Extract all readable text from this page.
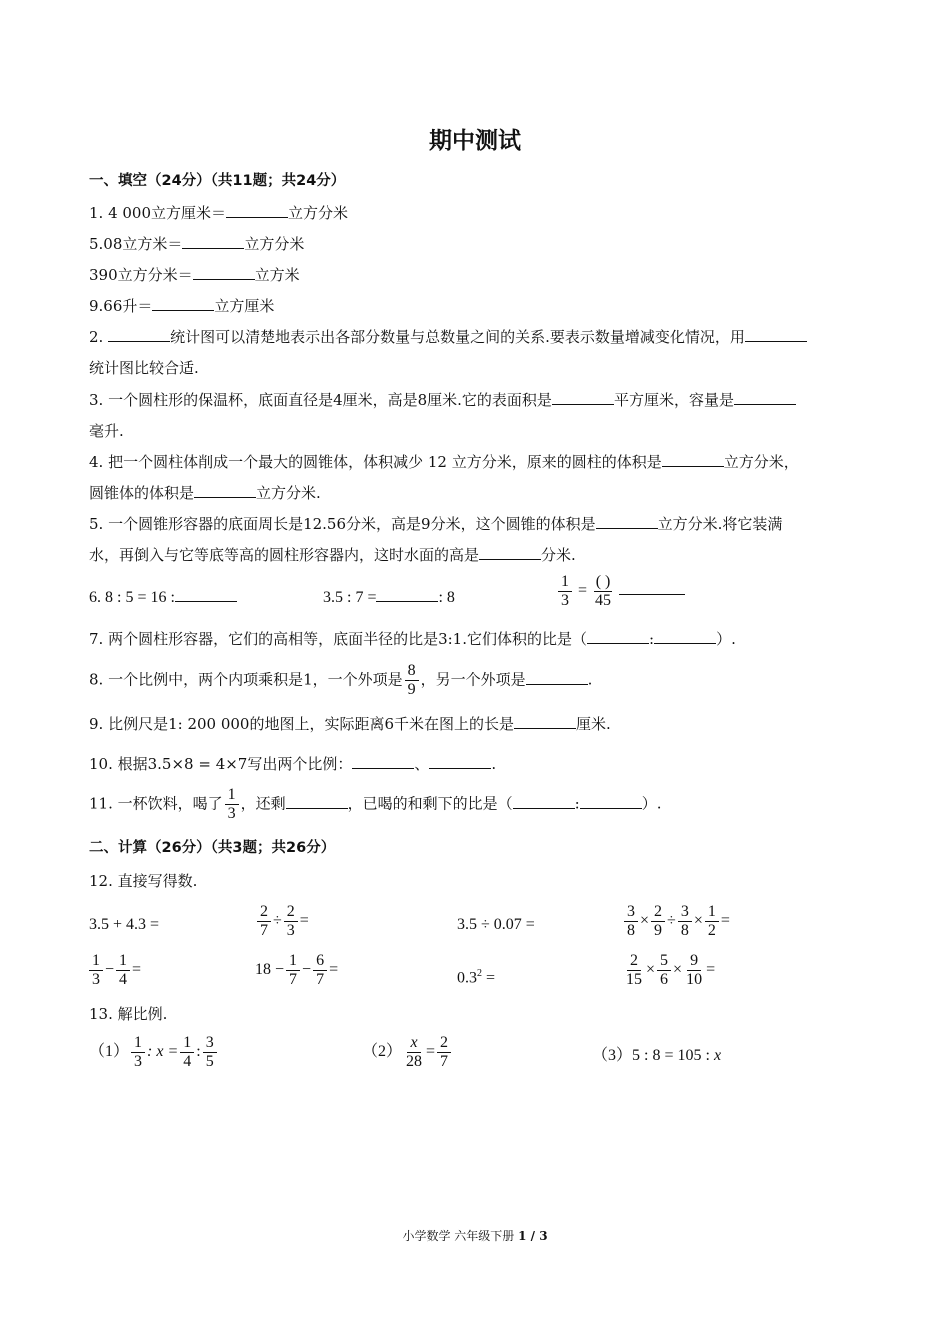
期中测试
一、填空（24分）（共11题；共24分）
1. 4 000立方厘米＝	立方分米
5.08立方米＝	立方分米
390立方分米＝	立方米
9.66升＝	立方厘米
2.	统计图可以清楚地表示出各部分数量与总数量之间的关系.要表示数量增减变化情况，用
统计图比较合适.
3. 一个圆柱形的保温杯，底面直径是4厘米，高是8厘米.它的表面积是	平方厘米，容量是
毫升.
4. 把一个圆柱体削成一个最大的圆锥体，体积减少 12 立方分米，原来的圆柱的体积是	立方分米，
圆锥体的体积是	立方分米.
5. 一个圆锥形容器的底面周长是12.56分米，高是9分米，这个圆锥的体积是	立方分米.将它装满
水，再倒入与它等底等高的圆柱形容器内，这时水面的高是	分米.
6. 8 : 5 = 16 :	3.5 : 7 =	: 8	$\frac{1}{3} = \frac{( )}{45}$

7. 两个圆柱形容器，它们的高相等，底面半径的比是3:1.它们体积的比是（	:	）.
8. 一个比例中，两个内项乘积是1，一个外项是 $\frac{8}{9}$ ，另一个外项是	.
9. 比例尺是1: 200 000的地图上，实际距离6千米在图上的长是	厘米.
10. 根据3.5×8 = 4×7写出两个比例：	、	.
11. 一杯饮料，喝了 $\frac{1}{3}$ ，还剩	，已喝的和剩下的比是（	:	）.
二、计算（26分）（共3题；共26分）
12. 直接写得数.
3.5 + 4.3 =	$\frac{2}{7} \div \frac{2}{3}$ =	3.5 ÷ 0.07 =	$\frac{3}{8} \times \frac{2}{9} \div \frac{3}{8} \times \frac{1}{2}$ =
$\frac{1}{3} - \frac{1}{4}$ =	$18 - \frac{1}{7} - \frac{6}{7}$ =	$0.3^2$ =	$\frac{2}{15} \times \frac{5}{6} \times \frac{9}{10}$ =
13. 解比例.
$(1) \frac{1}{3}$ : $x = \frac{1}{4}$ : $\frac{3}{5}$	$(2) \frac{x}{28} = \frac{2}{7}$	（3）5 : 8 = 105 : x
小学数学 六年级下册 1 / 3
